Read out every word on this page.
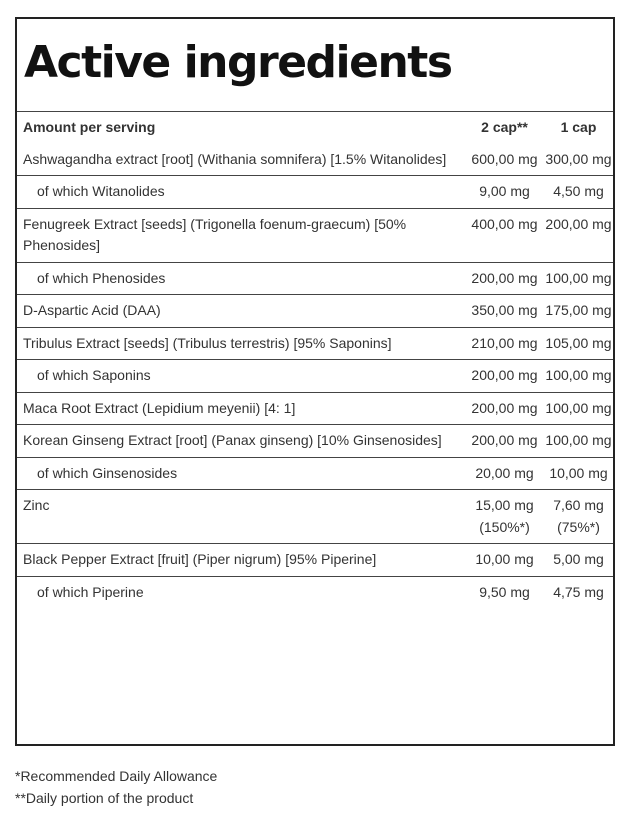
Active ingredients
Amount per serving	2 cap**	1 cap
Ashwagandha extract [root] (Withania somnifera) [1.5% Witanolides]	600,00 mg	300,00 mg
of which Witanolides	9,00 mg	4,50 mg
Fenugreek Extract [seeds] (Trigonella foenum-graecum) [50% Phenosides]	400,00 mg	200,00 mg
of which Phenosides	200,00 mg	100,00 mg
D-Aspartic Acid (DAA)	350,00 mg	175,00 mg
Tribulus Extract [seeds] (Tribulus terrestris) [95% Saponins]	210,00 mg	105,00 mg
of which Saponins	200,00 mg	100,00 mg
Maca Root Extract (Lepidium meyenii) [4: 1]	200,00 mg	100,00 mg
Korean Ginseng Extract [root] (Panax ginseng) [10% Ginsenosides]	200,00 mg	100,00 mg
of which Ginsenosides	20,00 mg	10,00 mg
Zinc	15,00 mg (150%*)	7,60 mg (75%*)
Black Pepper Extract [fruit] (Piper nigrum) [95% Piperine]	10,00 mg	5,00 mg
of which Piperine	9,50 mg	4,75 mg
*Recommended Daily Allowance
**Daily portion of the product
